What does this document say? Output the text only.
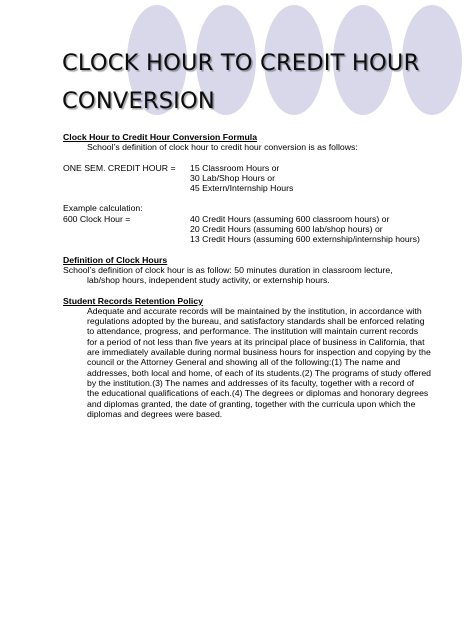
CLOCK HOUR TO CREDIT HOUR
CONVERSION

Clock Hour to Credit Hour Conversion Formula

School’s definition of clock hour to credit hour conversion is as follows:

ONE SEM. CREDIT HOUR =	15 Classroom Hours or
30 Lab/Shop Hours or
45 Extern/Internship Hours

Example calculation:

600 Clock Hour =	40 Credit Hours (assuming 600 classroom hours) or
20 Credit Hours (assuming 600 lab/shop hours) or
13 Credit Hours (assuming 600 externship/internship hours)

Definition of Clock Hours

School’s definition of clock hour is as follow: 50 minutes duration in classroom lecture,

lab/shop hours, independent study activity, or externship hours.

Student Records Retention Policy

Adequate and accurate records will be maintained by the institution, in accordance with
regulations adopted by the bureau, and satisfactory standards shall be enforced relating
to attendance, progress, and performance. The institution will maintain current records
for a period of not less than five years at its principal place of business in California, that
are immediately available during normal business hours for inspection and copying by the
council or the Attorney General and showing all of the following:(1) The name and
addresses, both local and home, of each of its students.(2) The programs of study offered
by the institution.(3) The names and addresses of its faculty, together with a record of
the educational qualifications of each.(4) The degrees or diplomas and honorary degrees
and diplomas granted, the date of granting, together with the curricula upon which the
diplomas and degrees were based.
